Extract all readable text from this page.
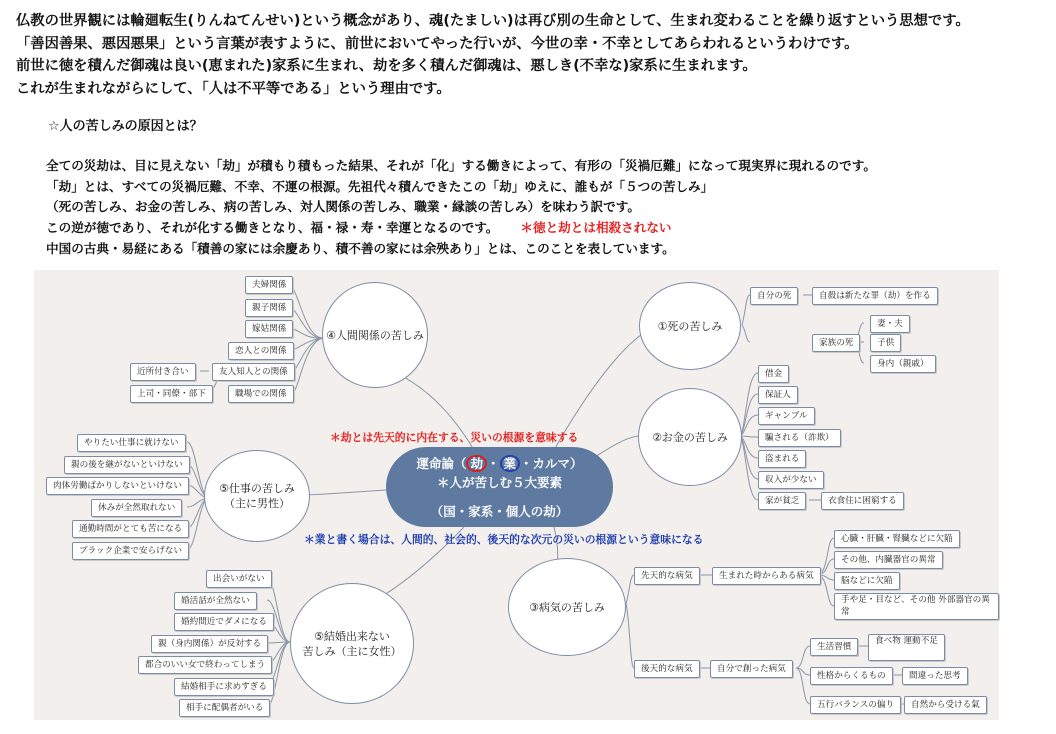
仏教の世界観には輪廻転生(りんねてんせい)という概念があり、魂(たましい)は再び別の生命として、生まれ変わることを繰り返すという思想です。

「善因善果、悪因悪果」という言葉が表すように、前世においてやった行いが、今世の幸・不幸としてあらわれるというわけです。

前世に徳を積んだ御魂は良い(恵まれた)家系に生まれ、劫を多く積んだ御魂は、悪しき(不幸な)家系に生まれます。

これが生まれながらにして、「人は不平等である」という理由です。

☆人の苦しみの原因とは？

全ての災劫は、目に見えない「劫」が積もり積もった結果、それが「化」する働きによって、有形の「災禍厄難」になって現実界に現れるのです。

「劫」とは、すべての災禍厄難、不幸、不運の根源。先祖代々積んできたこの「劫」ゆえに、誰もが「５つの苦しみ」

（死の苦しみ、お金の苦しみ、病の苦しみ、対人関係の苦しみ、職業・縁談の苦しみ）を味わう訳です。

この逆が徳であり、それが化する働きとなり、福・禄・寿・幸運となるのです。 ＊徳と劫とは相殺されない

中国の古典・易経にある「積善の家には余慶あり、積不善の家には余殃あり」とは、このことを表しています。

運命論（ 劫 ・ 業 ・カルマ）
＊人が苦しむ５大要素
（国・家系・個人の劫）
＊劫とは先天的に内在する、災いの根源を意味する
＊業と書く場合は、人間的、社会的、後天的な次元の災いの根源という意味になる
④人間関係の苦しみ
⑤仕事の苦しみ
（主に男性）
⑤結婚出来ない
苦しみ（主に女性）
①死の苦しみ
②お金の苦しみ
③病気の苦しみ
夫婦関係
親子関係
嫁姑関係
恋人との関係
友人知人との関係
職場での関係
近所付き合い
上司・同僚・部下
やりたい仕事に就けない
親の後を継がないといけない
肉体労働ばかりしないといけない
休みが全然取れない
通勤時間がとても苦になる
ブラック企業で安らげない
出会いがない
婚活話が全然ない
婚約間近でダメになる
親（身内関係）が反対する
都合のいい女で終わってしまう
結婚相手に求めすぎる
相手に配偶者がいる
自分の死	自殺は新たな罪（劫）を作る
家族の死
妻・夫
子供
身内（親戚）
借金
保証人
ギャンブル
騙される（詐欺）
盗まれる
収入が少ない
家が貧乏	衣食住に困窮する
先天的な病気	生まれた時からある病気
心臓・肝臓・腎臓などに欠陥
その他、内臓器官の異常
脳などに欠陥
手や足・目など、その他 外部器官の異常
後天的な病気	自分で創った病気
生活習慣
食べ物 運動不足
性格からくるもの	間違った思考
五行バランスの偏り	自然から受ける氣
